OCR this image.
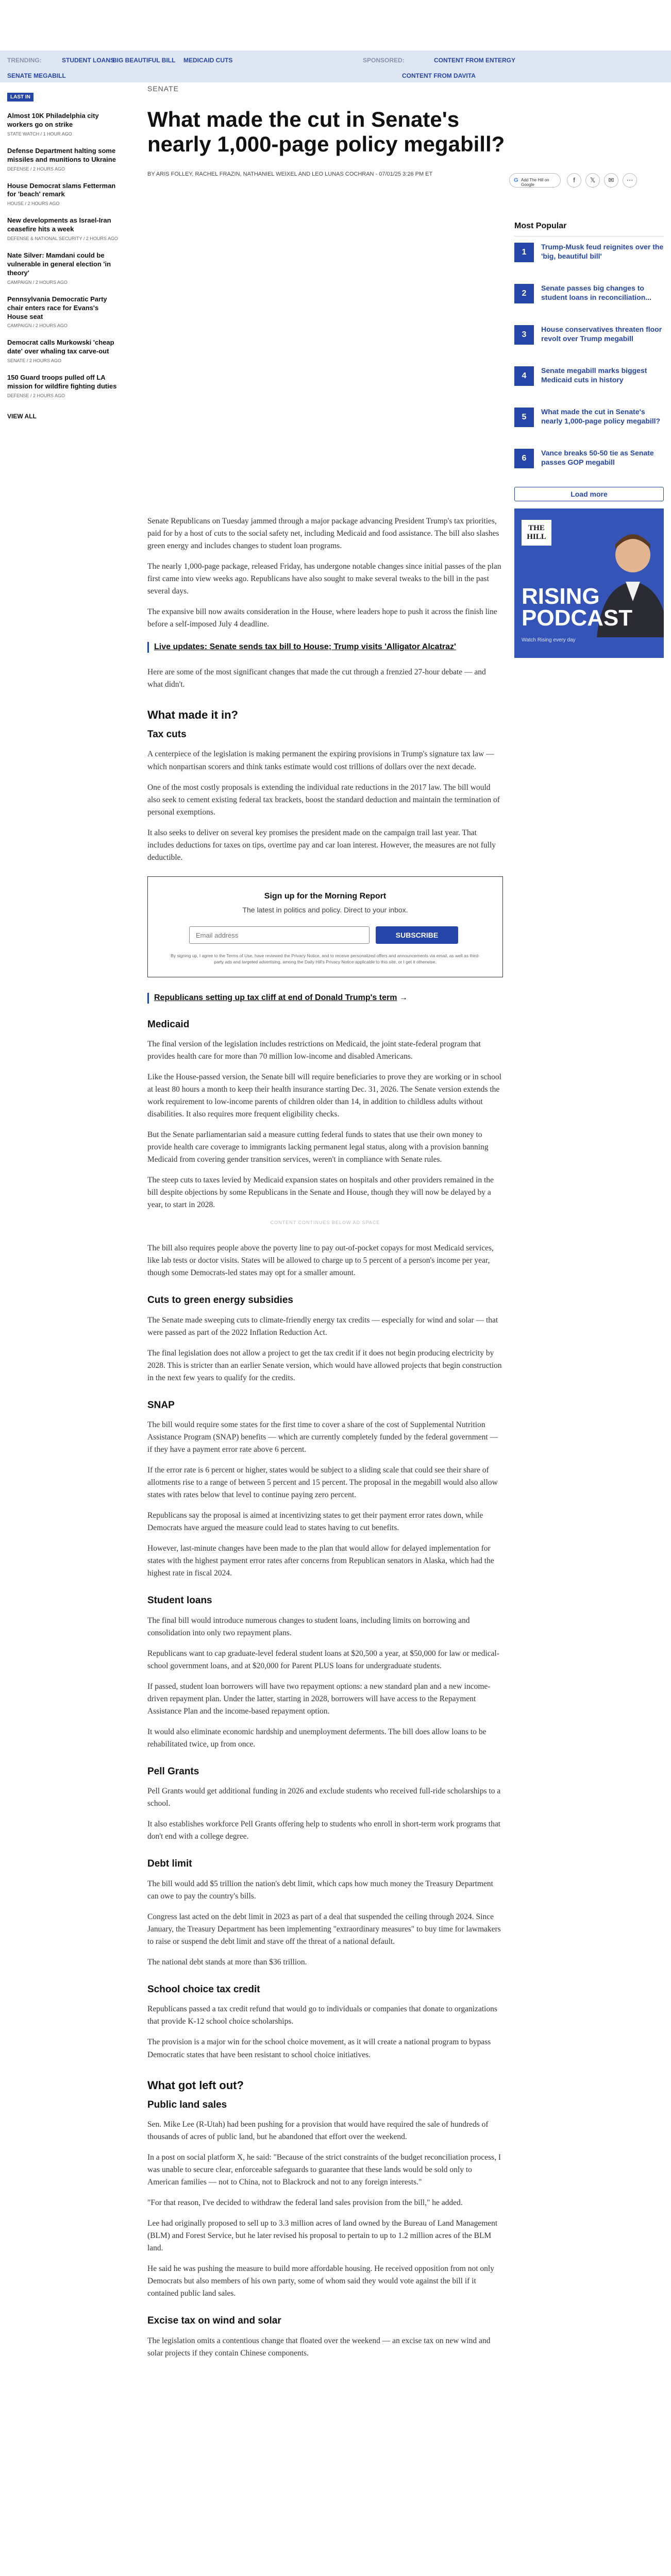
TRENDING:	STUDENT LOANS
BIG BEAUTIFUL BILL MEDICAID CUTS	SPONSORED:	CONTENT FROM ENTERGY
SENATE MEGABILL	CONTENT FROM DAVITA
LAST IN
Almost 10K Philadelphia city workers go on strike
STATE WATCH / 1 HOUR AGO
Defense Department halting some missiles and munitions to Ukraine
DEFENSE / 2 HOURS AGO
House Democrat slams Fetterman for 'beach' remark
HOUSE / 2 HOURS AGO
New developments as Israel-Iran ceasefire hits a week
DEFENSE & NATIONAL SECURITY / 2 HOURS AGO
Nate Silver: Mamdani could be vulnerable in general election 'in theory'
CAMPAIGN / 2 HOURS AGO
Pennsylvania Democratic Party chair enters race for Evans's House seat
CAMPAIGN / 2 HOURS AGO
Democrat calls Murkowski 'cheap date' over whaling tax carve-out
SENATE / 2 HOURS AGO
150 Guard troops pulled off LA mission for wildfire fighting duties
DEFENSE / 2 HOURS AGO
VIEW ALL
SENATE
What made the cut in Senate's nearly 1,000-page policy megabill?
BY ARIS FOLLEY, RACHEL FRAZIN, NATHANIEL WEIXEL AND LEO LUNAS COCHRAN - 07/01/25 3:26 PM ET
G Add The Hill on Google
f	𝕏	✉	⋯
Most Popular
1
Trump-Musk feud reignites over the 'big, beautiful bill'
2
Senate passes big changes to student loans in reconciliation...
3
House conservatives threaten floor revolt over Trump megabill
4
Senate megabill marks biggest Medicaid cuts in history
5
What made the cut in Senate's nearly 1,000-page policy megabill?
6
Vance breaks 50-50 tie as Senate passes GOP megabill
Load more
THE HILL
RISING
PODCAST
Watch Rising every day

Senate Republicans on Tuesday jammed through a major package advancing President Trump's tax priorities, paid for by a host of cuts to the social safety net, including Medicaid and food assistance. The bill also slashes green energy and includes changes to student loan programs.

The nearly 1,000-page package, released Friday, has undergone notable changes since initial passes of the plan first came into view weeks ago. Republicans have also sought to make several tweaks to the bill in the past several days.

The expansive bill now awaits consideration in the House, where leaders hope to push it across the finish line before a self-imposed July 4 deadline.

Live updates: Senate sends tax bill to House; Trump visits 'Alligator Alcatraz'

Here are some of the most significant changes that made the cut through a frenzied 27-hour debate — and what didn't.

What made it in?
Tax cuts

A centerpiece of the legislation is making permanent the expiring provisions in Trump's signature tax law — which nonpartisan scorers and think tanks estimate would cost trillions of dollars over the next decade.

One of the most costly proposals is extending the individual rate reductions in the 2017 law. The bill would also seek to cement existing federal tax brackets, boost the standard deduction and maintain the termination of personal exemptions.

It also seeks to deliver on several key promises the president made on the campaign trail last year. That includes deductions for taxes on tips, overtime pay and car loan interest. However, the measures are not fully deductible.

Sign up for the Morning Report
The latest in politics and policy. Direct to your inbox.
Email address
SUBSCRIBE
By signing up, I agree to the Terms of Use, have reviewed the Privacy Notice, and to receive personalized offers and announcements via email, as well as third-party ads and targeted advertising, among the Daily Hill's Privacy Notice applicable to this site, or I get it otherwise.
Republicans setting up tax cliff at end of Donald Trump's term →
Medicaid

The final version of the legislation includes restrictions on Medicaid, the joint state-federal program that provides health care for more than 70 million low-income and disabled Americans.

Like the House-passed version, the Senate bill will require beneficiaries to prove they are working or in school at least 80 hours a month to keep their health insurance starting Dec. 31, 2026. The Senate version extends the work requirement to low-income parents of children older than 14, in addition to childless adults without disabilities. It also requires more frequent eligibility checks.

But the Senate parliamentarian said a measure cutting federal funds to states that use their own money to provide health care coverage to immigrants lacking permanent legal status, along with a provision banning Medicaid from covering gender transition services, weren't in compliance with Senate rules.

The steep cuts to taxes levied by Medicaid expansion states on hospitals and other providers remained in the bill despite objections by some Republicans in the Senate and House, though they will now be delayed by a year, to start in 2028.

CONTENT CONTINUES BELOW AD SPACE

The bill also requires people above the poverty line to pay out-of-pocket copays for most Medicaid services, like lab tests or doctor visits. States will be allowed to charge up to 5 percent of a person's income per year, though some Democrats-led states may opt for a smaller amount.

Cuts to green energy subsidies

The Senate made sweeping cuts to climate-friendly energy tax credits — especially for wind and solar — that were passed as part of the 2022 Inflation Reduction Act.

The final legislation does not allow a project to get the tax credit if it does not begin producing electricity by 2028. This is stricter than an earlier Senate version, which would have allowed projects that begin construction in the next few years to qualify for the credits.

SNAP

The bill would require some states for the first time to cover a share of the cost of Supplemental Nutrition Assistance Program (SNAP) benefits — which are currently completely funded by the federal government — if they have a payment error rate above 6 percent.

If the error rate is 6 percent or higher, states would be subject to a sliding scale that could see their share of allotments rise to a range of between 5 percent and 15 percent. The proposal in the megabill would also allow states with rates below that level to continue paying zero percent.

Republicans say the proposal is aimed at incentivizing states to get their payment error rates down, while Democrats have argued the measure could lead to states having to cut benefits.

However, last-minute changes have been made to the plan that would allow for delayed implementation for states with the highest payment error rates after concerns from Republican senators in Alaska, which had the highest rate in fiscal 2024.

Student loans

The final bill would introduce numerous changes to student loans, including limits on borrowing and consolidation into only two repayment plans.

Republicans want to cap graduate-level federal student loans at $20,500 a year, at $50,000 for law or medical-school government loans, and at $20,000 for Parent PLUS loans for undergraduate students.

If passed, student loan borrowers will have two repayment options: a new standard plan and a new income-driven repayment plan. Under the latter, starting in 2028, borrowers will have access to the Repayment Assistance Plan and the income-based repayment option.

It would also eliminate economic hardship and unemployment deferments. The bill does allow loans to be rehabilitated twice, up from once.

Pell Grants

Pell Grants would get additional funding in 2026 and exclude students who received full-ride scholarships to a school.

It also establishes workforce Pell Grants offering help to students who enroll in short-term work programs that don't end with a college degree.

Debt limit

The bill would add $5 trillion the nation's debt limit, which caps how much money the Treasury Department can owe to pay the country's bills.

Congress last acted on the debt limit in 2023 as part of a deal that suspended the ceiling through 2024. Since January, the Treasury Department has been implementing "extraordinary measures" to buy time for lawmakers to raise or suspend the debt limit and stave off the threat of a national default.

The national debt stands at more than $36 trillion.

School choice tax credit

Republicans passed a tax credit refund that would go to individuals or companies that donate to organizations that provide K-12 school choice scholarships.

The provision is a major win for the school choice movement, as it will create a national program to bypass Democratic states that have been resistant to school choice initiatives.

What got left out?
Public land sales

Sen. Mike Lee (R-Utah) had been pushing for a provision that would have required the sale of hundreds of thousands of acres of public land, but he abandoned that effort over the weekend.

In a post on social platform X, he said: "Because of the strict constraints of the budget reconciliation process, I was unable to secure clear, enforceable safeguards to guarantee that these lands would be sold only to American families — not to China, not to Blackrock and not to any foreign interests."

"For that reason, I've decided to withdraw the federal land sales provision from the bill," he added.

Lee had originally proposed to sell up to 3.3 million acres of land owned by the Bureau of Land Management (BLM) and Forest Service, but he later revised his proposal to pertain to up to 1.2 million acres of the BLM land.

He said he was pushing the measure to build more affordable housing. He received opposition from not only Democrats but also members of his own party, some of whom said they would vote against the bill if it contained public land sales.

Excise tax on wind and solar

The legislation omits a contentious change that floated over the weekend — an excise tax on new wind and solar projects if they contain Chinese components.
